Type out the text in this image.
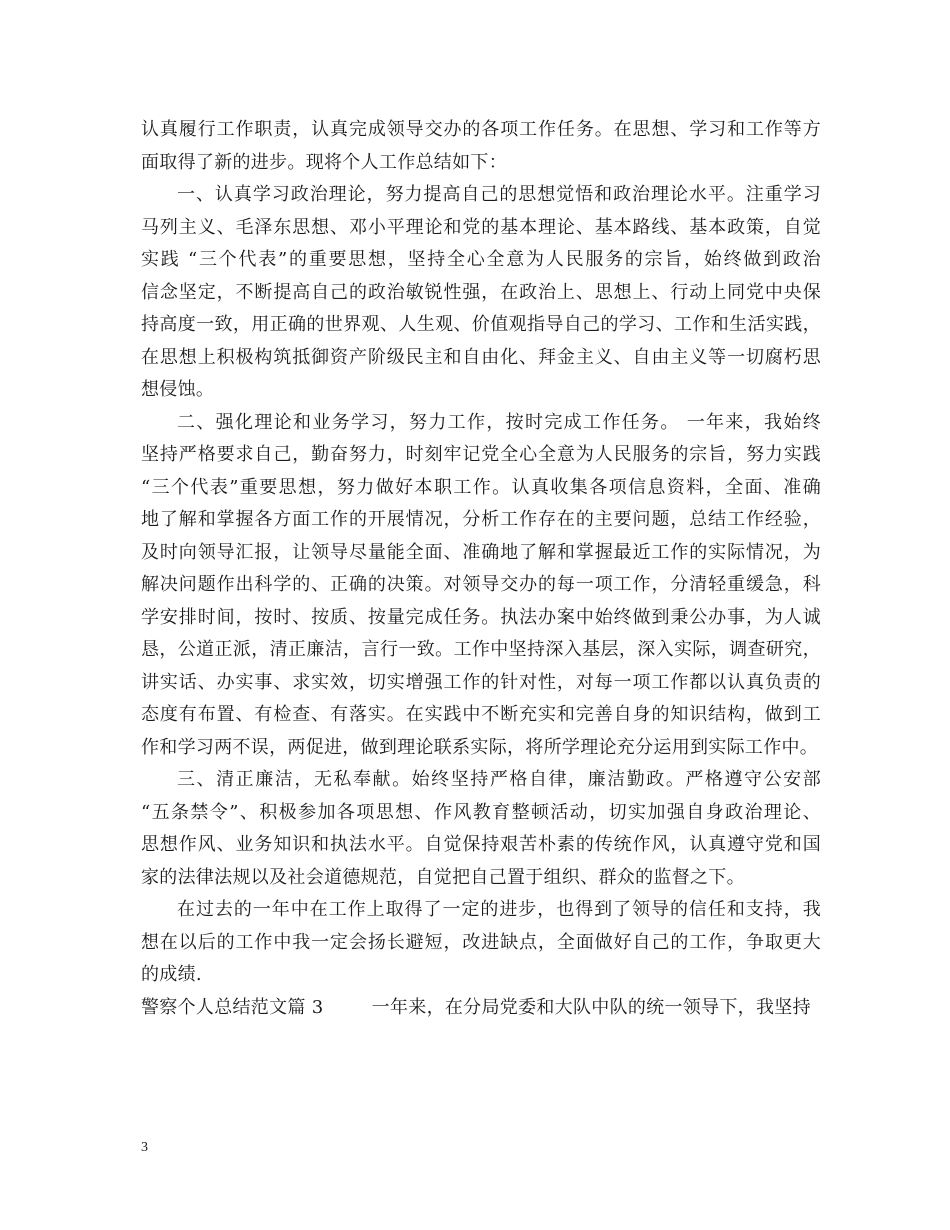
认真履行工作职责，认真完成领导交办的各项工作任务。在思想、学习和工作等方
面取得了新的进步。现将个人工作总结如下：

一、认真学习政治理论，努力提高自己的思想觉悟和政治理论水平。注重学习
马列主义、毛泽东思想、邓小平理论和党的基本理论、基本路线、基本政策，自觉
实践 “三个代表”的重要思想，坚持全心全意为人民服务的宗旨，始终做到政治
信念坚定，不断提高自己的政治敏锐性强，在政治上、思想上、行动上同党中央保
持高度一致，用正确的世界观、人生观、价值观指导自己的学习、工作和生活实践，
在思想上积极构筑抵御资产阶级民主和自由化、拜金主义、自由主义等一切腐朽思
想侵蚀。

二、强化理论和业务学习，努力工作，按时完成工作任务。 一年来，我始终
坚持严格要求自己，勤奋努力，时刻牢记党全心全意为人民服务的宗旨，努力实践
“三个代表”重要思想，努力做好本职工作。认真收集各项信息资料，全面、准确
地了解和掌握各方面工作的开展情况，分析工作存在的主要问题，总结工作经验，
及时向领导汇报，让领导尽量能全面、准确地了解和掌握最近工作的实际情况，为
解决问题作出科学的、正确的决策。对领导交办的每一项工作，分清轻重缓急，科
学安排时间，按时、按质、按量完成任务。执法办案中始终做到秉公办事，为人诚
恳，公道正派，清正廉洁，言行一致。工作中坚持深入基层，深入实际，调查研究，
讲实话、办实事、求实效，切实增强工作的针对性，对每一项工作都以认真负责的
态度有布置、有检查、有落实。在实践中不断充实和完善自身的知识结构，做到工
作和学习两不误，两促进，做到理论联系实际，将所学理论充分运用到实际工作中。

三、清正廉洁，无私奉献。始终坚持严格自律，廉洁勤政。严格遵守公安部
“五条禁令”、积极参加各项思想、作风教育整顿活动，切实加强自身政治理论、
思想作风、业务知识和执法水平。自觉保持艰苦朴素的传统作风，认真遵守党和国
家的法律法规以及社会道德规范，自觉把自己置于组织、群众的监督之下。

在过去的一年中在工作上取得了一定的进步，也得到了领导的信任和支持，我
想在以后的工作中我一定会扬长避短，改进缺点，全面做好自己的工作，争取更大
的成绩.

警察个人总结范文篇 3	一年来，在分局党委和大队中队的统一领导下，我坚持

3
